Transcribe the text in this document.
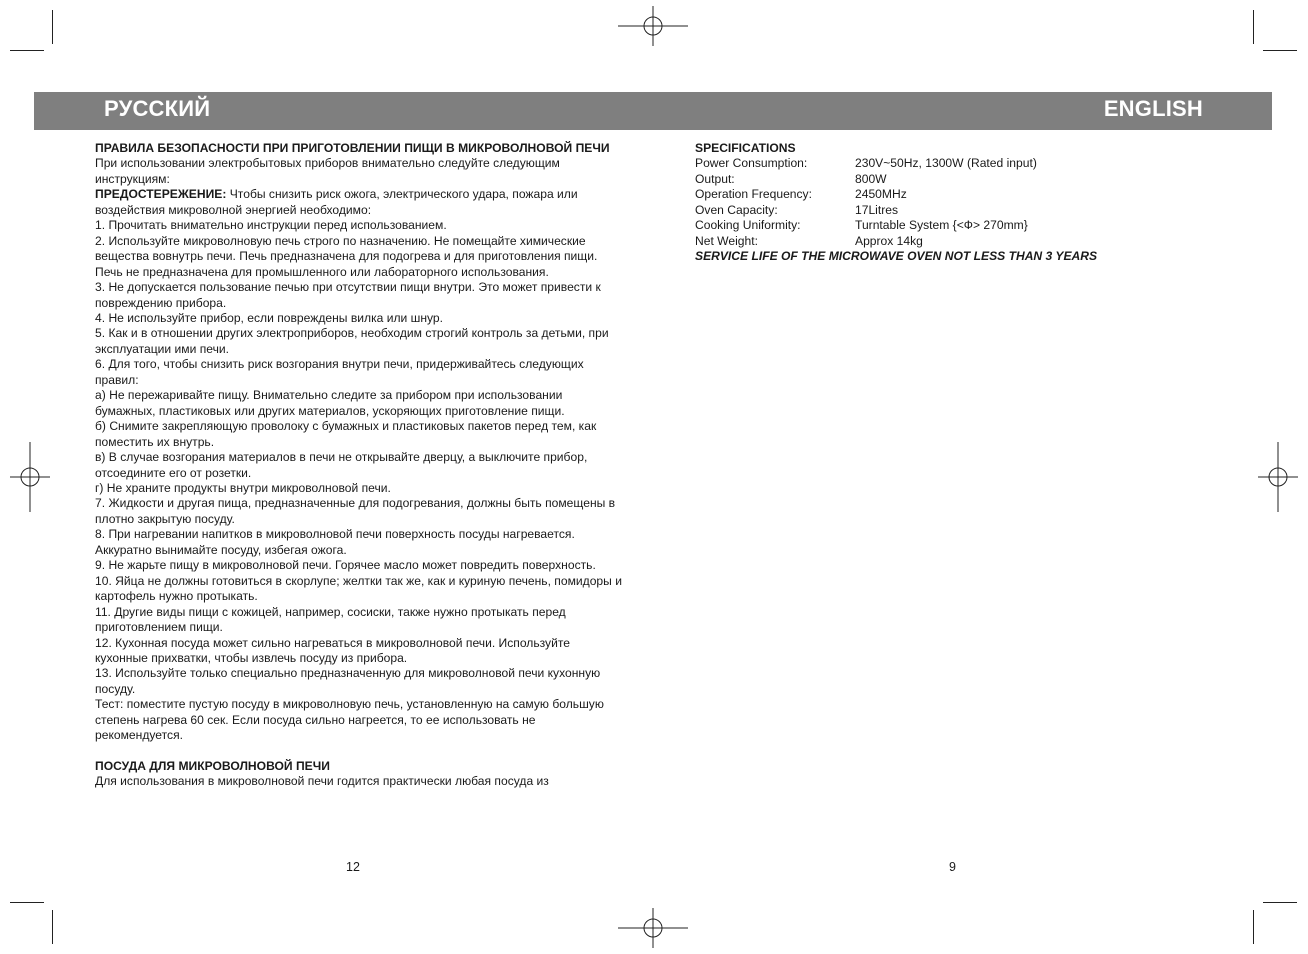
РУССКИЙ	ENGLISH

ПРАВИЛА БЕЗОПАСНОСТИ ПРИ ПРИГОТОВЛЕНИИ ПИЩИ В МИКРОВОЛНОВОЙ ПЕЧИ

При использовании электробытовых приборов внимательно следуйте следующим инструкциям:

ПРЕДОСТЕРЕЖЕНИЕ: Чтобы снизить риск ожога, электрического удара, пожара или воздействия микроволной энергией необходимо:

1. Прочитать внимательно инструкции перед использованием.

2. Используйте микроволновую печь строго по назначению. Не помещайте химические вещества вовнутрь печи. Печь предназначена для подогрева и для приготовления пищи. Печь не предназначена для промышленного или лабораторного использования.

3. Не допускается пользование печью при отсутствии пищи внутри. Это может привести к повреждению прибора.

4. Не используйте прибор, если повреждены вилка или шнур.

5. Как и в отношении других электроприборов, необходим строгий контроль за детьми, при эксплуатации ими печи.

6. Для того, чтобы снизить риск возгорания внутри печи, придерживайтесь следующих правил:

а) Не пережаривайте пищу. Внимательно следите за прибором при использовании бумажных, пластиковых или других материалов, ускоряющих приготовление пищи.

б) Снимите закрепляющую проволоку с бумажных и пластиковых пакетов перед тем, как поместить их внутрь.

в) В случае возгорания материалов в печи не открывайте дверцу, а выключите прибор, отсоедините его от розетки.

г) Не храните продукты внутри микроволновой печи.

7. Жидкости и другая пища, предназначенные для подогревания, должны быть помещены в плотно закрытую посуду.

8. При нагревании напитков в микроволновой печи поверхность посуды нагревается. Аккуратно вынимайте посуду, избегая ожога.

9. Не жарьте пищу в микроволновой печи. Горячее масло может повредить поверхность.

10. Яйца не должны готовиться в скорлупе; желтки так же, как и куриную печень, помидоры и картофель нужно протыкать.

11. Другие виды пищи с кожицей, например, сосиски, также нужно протыкать перед приготовлением пищи.

12. Кухонная посуда может сильно нагреваться в микроволновой печи. Используйте кухонные прихватки, чтобы извлечь посуду из прибора.

13. Используйте только специально предназначенную для микроволновой печи кухонную посуду.

Тест: поместите пустую посуду в микроволновую печь, установленную на самую большую степень нагрева 60 сек. Если посуда сильно нагреется, то ее использовать не рекомендуется.

ПОСУДА ДЛЯ МИКРОВОЛНОВОЙ ПЕЧИ

Для использования в микроволновой печи годится практически любая посуда из

SPECIFICATIONS

Power Consumption:	230V~50Hz, 1300W (Rated input)
Output:	800W
Operation Frequency:	2450MHz
Oven Capacity:	17Litres
Cooking Uniformity:	Turntable System {<Ф> 270mm}
Net Weight:	Approx 14kg

SERVICE LIFE OF THE MICROWAVE OVEN NOT LESS THAN 3 YEARS

12	9
